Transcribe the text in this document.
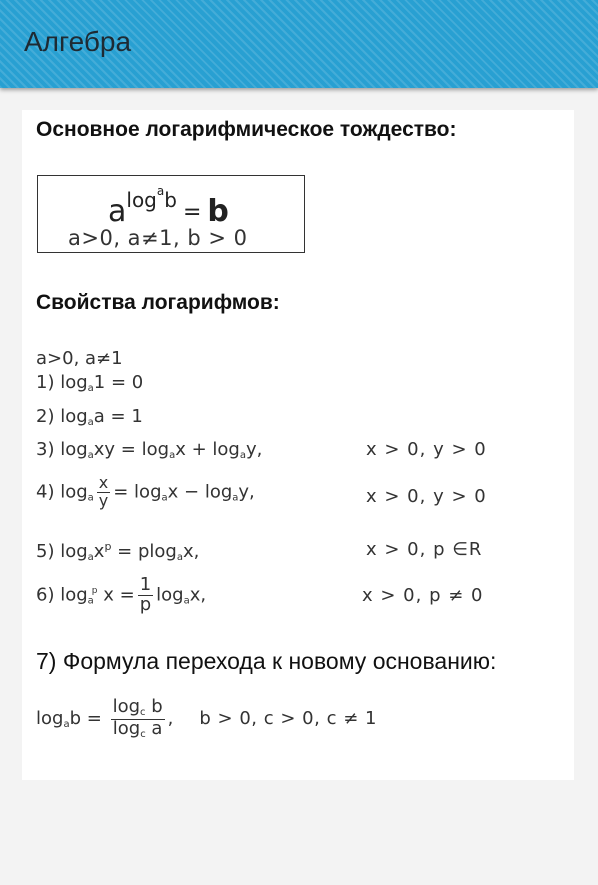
Алгебра
Основное логарифмическое тождество:
$a^{log^ab} = b$
a>0, a≠1, b > 0
Свойства логарифмов:
a>0, a≠1
1) loga1 = 0
2) logaa = 1
3) logaxy = logax + logay,	x > 0, y > 0
4) loga $\frac{x}{y}$ = logax − logay,	x > 0, y > 0
5) logax$^p$ = plogax,	x > 0, p ∈R
6) loga$^p$ $x = \frac{1}{p}$ logax,	x > 0, p ≠ 0
7) Формула перехода к новому основанию:
logab = $\frac{\text{logc b}}{\text{logc a}}$ , b > 0, c > 0, c ≠ 1
